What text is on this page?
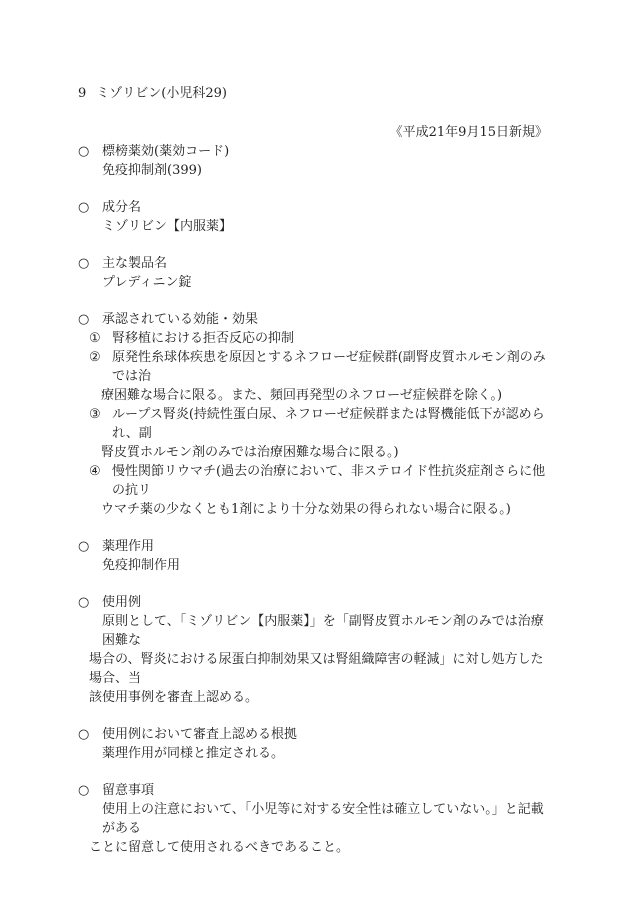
9 ミゾリビン(小児科29)
《平成21年9月15日新規》
○ 標榜薬効(薬効コード)
免疫抑制剤(399)
○ 成分名
ミゾリビン【内服薬】
○ 主な製品名
プレディニン錠
○ 承認されている効能・効果
① 腎移植における拒否反応の抑制
② 原発性糸球体疾患を原因とするネフローゼ症候群(副腎皮質ホルモン剤のみでは治
療困難な場合に限る。また、頻回再発型のネフローゼ症候群を除く。)
③ ループス腎炎(持続性蛋白尿、ネフローゼ症候群または腎機能低下が認められ、副
腎皮質ホルモン剤のみでは治療困難な場合に限る。)
④ 慢性関節リウマチ(過去の治療において、非ステロイド性抗炎症剤さらに他の抗リ
ウマチ薬の少なくとも1剤により十分な効果の得られない場合に限る。)
○ 薬理作用
免疫抑制作用
○ 使用例
原則として、「ミゾリビン【内服薬】」を「副腎皮質ホルモン剤のみでは治療困難な
場合の、腎炎における尿蛋白抑制効果又は腎組織障害の軽減」に対し処方した場合、当
該使用事例を審査上認める。
○ 使用例において審査上認める根拠
薬理作用が同様と推定される。
○ 留意事項
使用上の注意において、「小児等に対する安全性は確立していない。」と記載がある
ことに留意して使用されるべきであること。
